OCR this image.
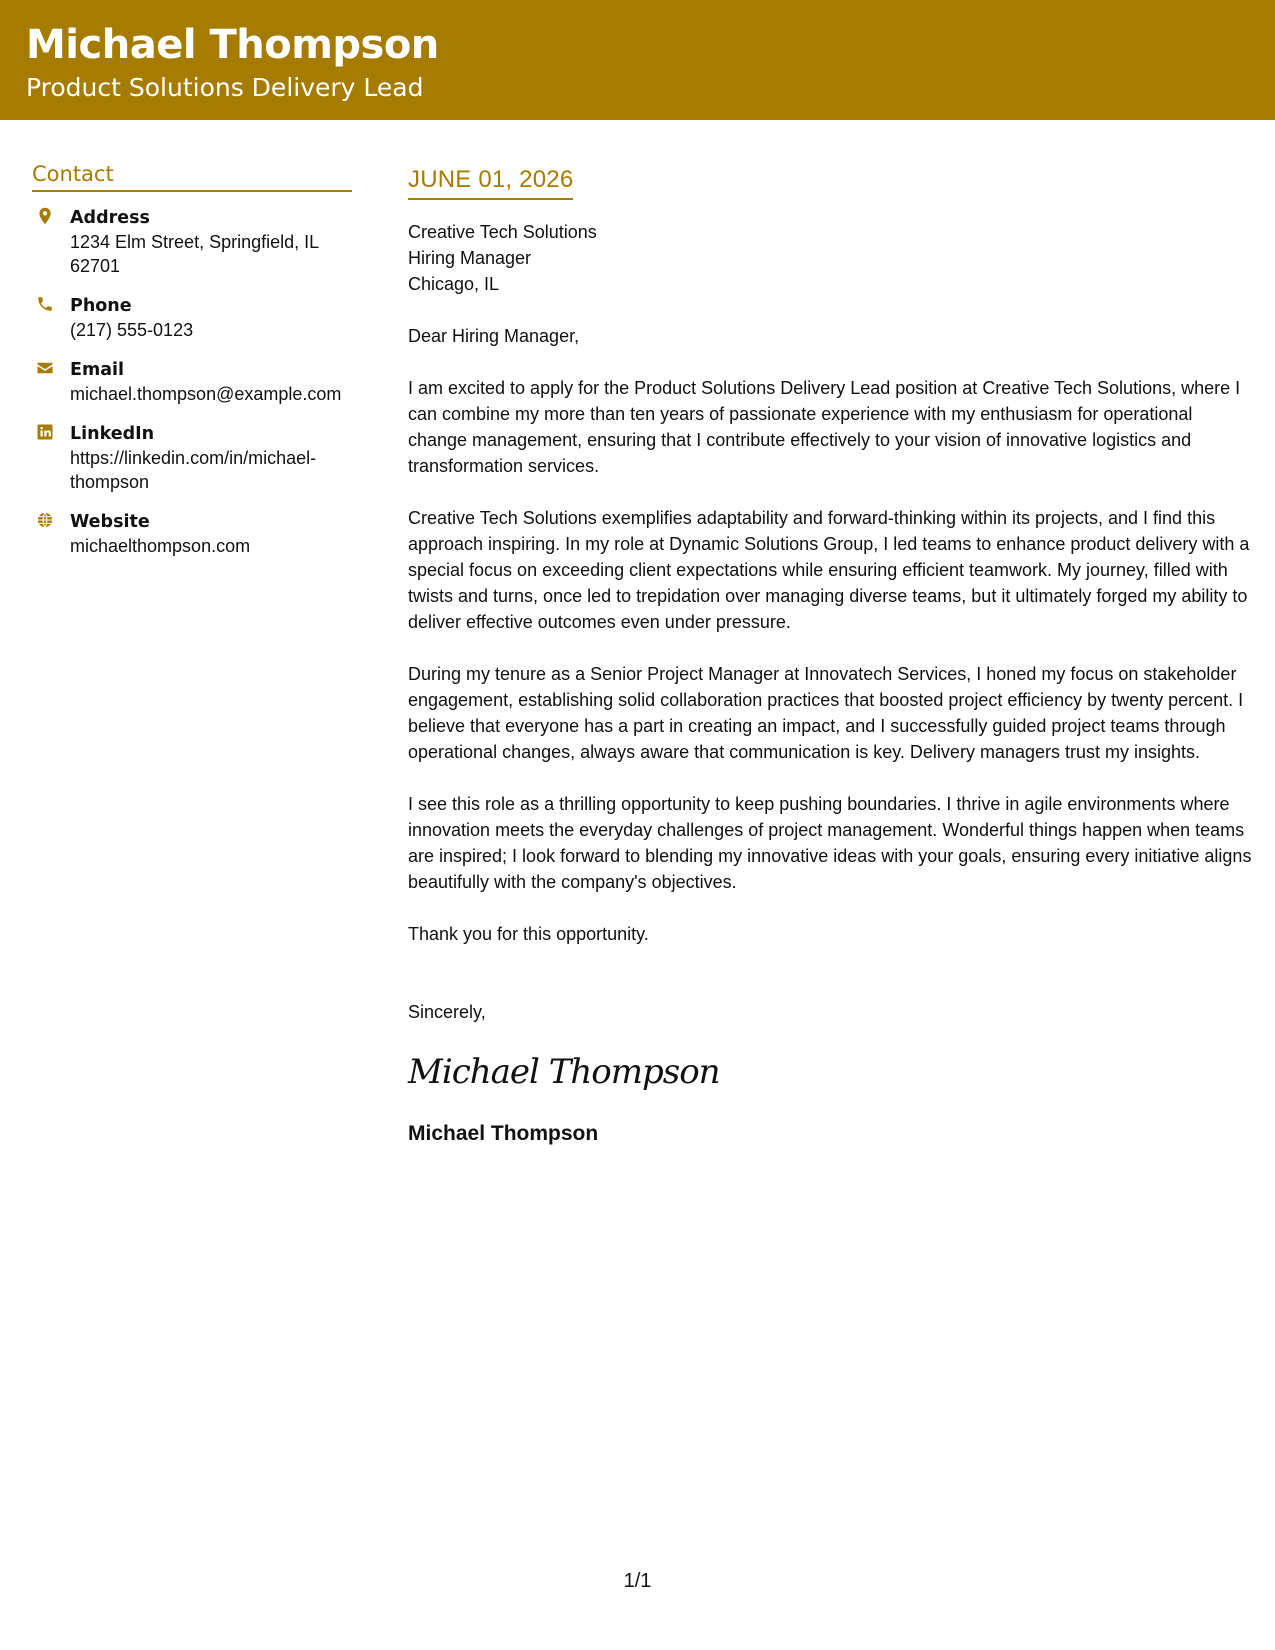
Michael Thompson
Product Solutions Delivery Lead
Contact
Address
1234 Elm Street, Springfield, IL 62701
Phone
(217) 555-0123
Email
michael.thompson@example.com
LinkedIn
https://linkedin.com/in/michael-thompson
Website
michaelthompson.com
JUNE 01, 2026
Creative Tech Solutions
Hiring Manager
Chicago, IL
Dear Hiring Manager,
I am excited to apply for the Product Solutions Delivery Lead position at Creative Tech Solutions, where I can combine my more than ten years of passionate experience with my enthusiasm for operational change management, ensuring that I contribute effectively to your vision of innovative logistics and transformation services.
Creative Tech Solutions exemplifies adaptability and forward-thinking within its projects, and I find this approach inspiring. In my role at Dynamic Solutions Group, I led teams to enhance product delivery with a special focus on exceeding client expectations while ensuring efficient teamwork. My journey, filled with twists and turns, once led to trepidation over managing diverse teams, but it ultimately forged my ability to deliver effective outcomes even under pressure.
During my tenure as a Senior Project Manager at Innovatech Services, I honed my focus on stakeholder engagement, establishing solid collaboration practices that boosted project efficiency by twenty percent. I believe that everyone has a part in creating an impact, and I successfully guided project teams through operational changes, always aware that communication is key. Delivery managers trust my insights.
I see this role as a thrilling opportunity to keep pushing boundaries. I thrive in agile environments where innovation meets the everyday challenges of project management. Wonderful things happen when teams are inspired; I look forward to blending my innovative ideas with your goals, ensuring every initiative aligns beautifully with the company's objectives.
Thank you for this opportunity.
Sincerely,
Michael Thompson
Michael Thompson
1/1
